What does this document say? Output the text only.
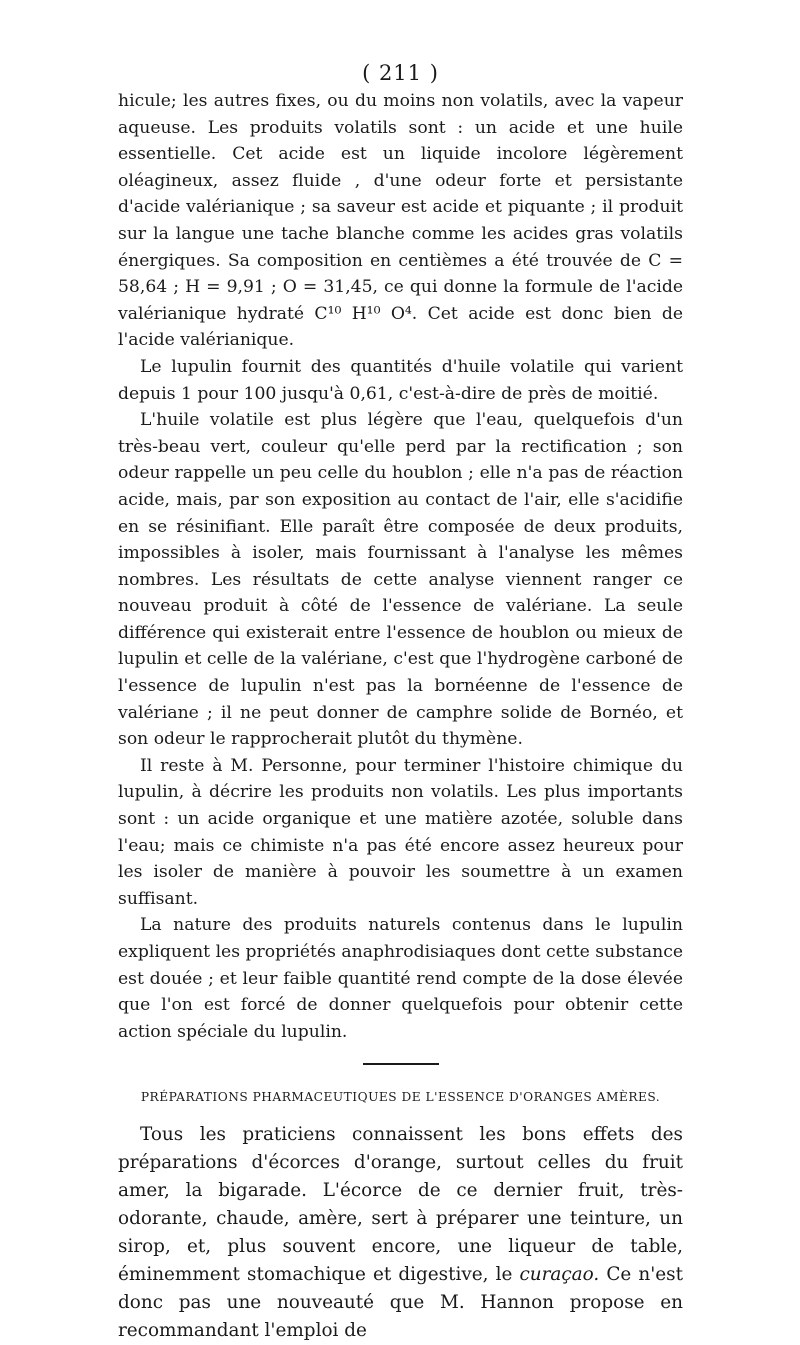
( 211 )

hicule; les autres fixes, ou du moins non volatils, avec la vapeur aqueuse. Les produits volatils sont : un acide et une huile essentielle. Cet acide est un liquide incolore légèrement oléagineux, assez fluide , d'une odeur forte et persistante d'acide valérianique ; sa saveur est acide et piquante ; il produit sur la langue une tache blanche comme les acides gras volatils énergiques. Sa composition en centièmes a été trouvée de C = 58,64 ; H = 9,91 ; O = 31,45, ce qui donne la formule de l'acide valérianique hydraté C¹⁰ H¹⁰ O⁴. Cet acide est donc bien de l'acide valérianique.

Le lupulin fournit des quantités d'huile volatile qui varient depuis 1 pour 100 jusqu'à 0,61, c'est-à-dire de près de moitié.

L'huile volatile est plus légère que l'eau, quelquefois d'un très-beau vert, couleur qu'elle perd par la rectification ; son odeur rappelle un peu celle du houblon ; elle n'a pas de réaction acide, mais, par son exposition au contact de l'air, elle s'acidifie en se résinifiant. Elle paraît être composée de deux produits, impossibles à isoler, mais fournissant à l'analyse les mêmes nombres. Les résultats de cette analyse viennent ranger ce nouveau produit à côté de l'essence de valériane. La seule différence qui existerait entre l'essence de houblon ou mieux de lupulin et celle de la valériane, c'est que l'hydrogène carboné de l'essence de lupulin n'est pas la bornéenne de l'essence de valériane ; il ne peut donner de camphre solide de Bornéo, et son odeur le rapprocherait plutôt du thymène.

Il reste à M. Personne, pour terminer l'histoire chimique du lupulin, à décrire les produits non volatils. Les plus importants sont : un acide organique et une matière azotée, soluble dans l'eau; mais ce chimiste n'a pas été encore assez heureux pour les isoler de manière à pouvoir les soumettre à un examen suffisant.

La nature des produits naturels contenus dans le lupulin expliquent les propriétés anaphrodisiaques dont cette substance est douée ; et leur faible quantité rend compte de la dose élevée que l'on est forcé de donner quelquefois pour obtenir cette action spéciale du lupulin.

PRÉPARATIONS PHARMACEUTIQUES DE L'ESSENCE D'ORANGES AMÈRES.

Tous les praticiens connaissent les bons effets des préparations d'écorces d'orange, surtout celles du fruit amer, la bigarade. L'écorce de ce dernier fruit, très-odorante, chaude, amère, sert à préparer une teinture, un sirop, et, plus souvent encore, une liqueur de table, éminemment stomachique et digestive, le curaçao. Ce n'est donc pas une nouveauté que M. Hannon propose en recommandant l'emploi de
